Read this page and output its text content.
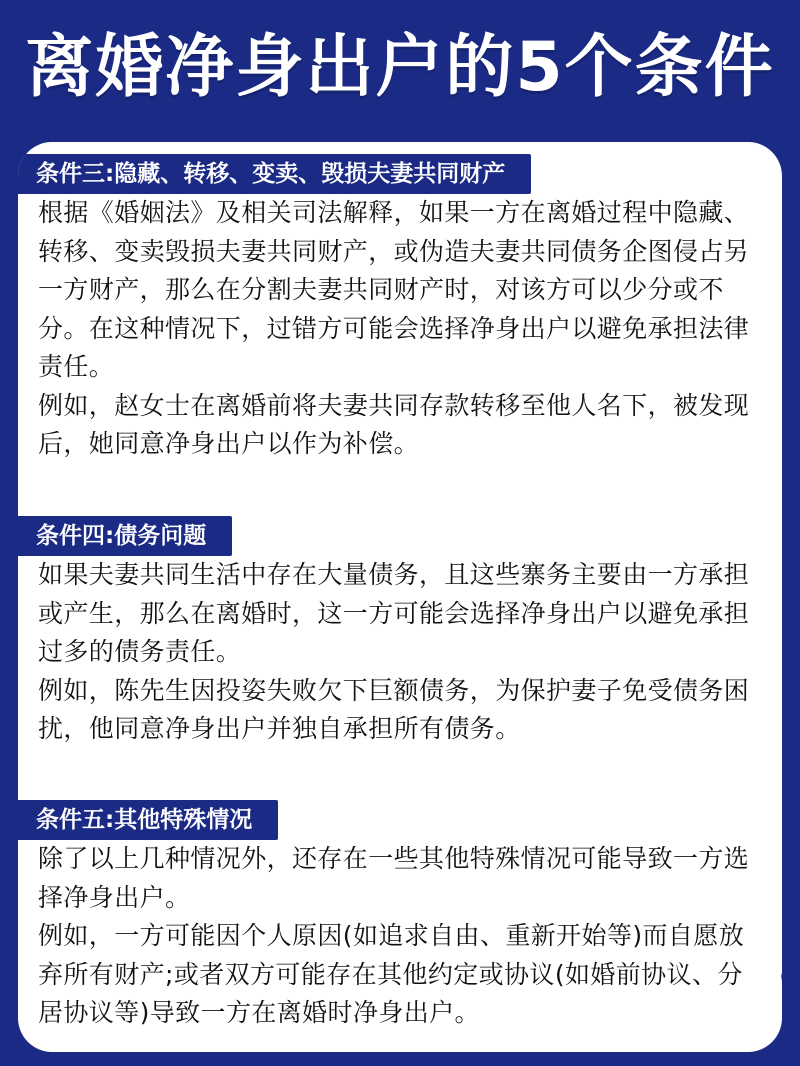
离婚净身出户的5个条件
条件三:隐藏、转移、变卖、毁损夫妻共同财产

根据《婚姻法》及相关司法解释，如果一方在离婚过程中隐藏、转移、变卖毁损夫妻共同财产，或伪造夫妻共同债务企图侵占另一方财产，那么在分割夫妻共同财产时，对该方可以少分或不分。在这种情况下，过错方可能会选择净身出户以避免承担法律责任。

例如，赵女士在离婚前将夫妻共同存款转移至他人名下，被发现后，她同意净身出户以作为补偿。

条件四:债务问题

如果夫妻共同生活中存在大量债务，且这些寨务主要由一方承担或产生，那么在离婚时，这一方可能会选择净身出户以避免承担过多的债务责任。

例如，陈先生因投姿失败欠下巨额债务，为保护妻子免受债务困扰，他同意净身出户并独自承担所有债务。

条件五:其他特殊情况

除了以上几种情况外，还存在一些其他特殊情况可能导致一方选择净身出户。

例如，一方可能因个人原因(如追求自由、重新开始等)而自愿放弃所有财产;或者双方可能存在其他约定或协议(如婚前协议、分居协议等)导致一方在离婚时净身出户。
